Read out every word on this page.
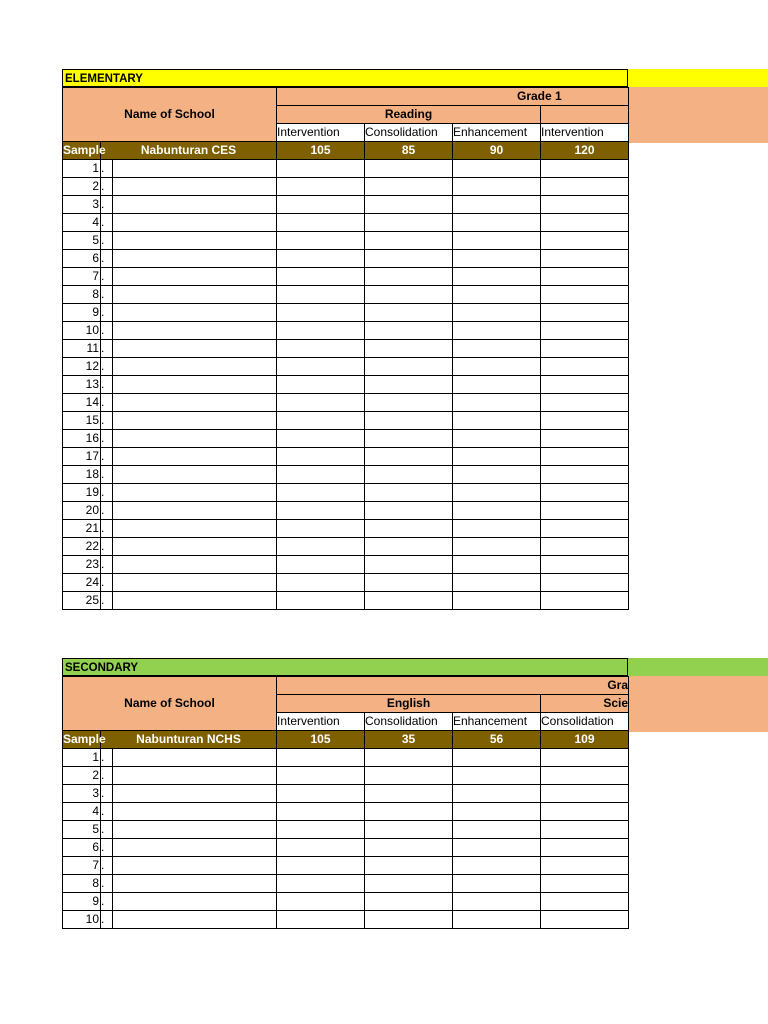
ELEMENTARY
Name of School			Grade 1			

			Reading			
			Intervention	Consolidation	Enhancement	Intervention
Sample	Nabunturan CES		105	85	90	120
1	.					
2	.					
3	.					
4	.					
5	.					
6	.					
7	.					
8	.					
9	.					
10	.					
11	.					
12	.					
13	.					
14	.					
15	.					
16	.					
17	.					
18	.					
19	.					
20	.					
21	.					
22	.					
23	.					
24	.					
25	.					
SECONDARY
Name of School			Gra			

			English			Scie
			Intervention	Consolidation	Enhancement	Consolidation
Sample	Nabunturan NCHS		105	35	56	109
1	.					
2	.					
3	.					
4	.					
5	.					
6	.					
7	.					
8	.					
9	.					
10	.					
